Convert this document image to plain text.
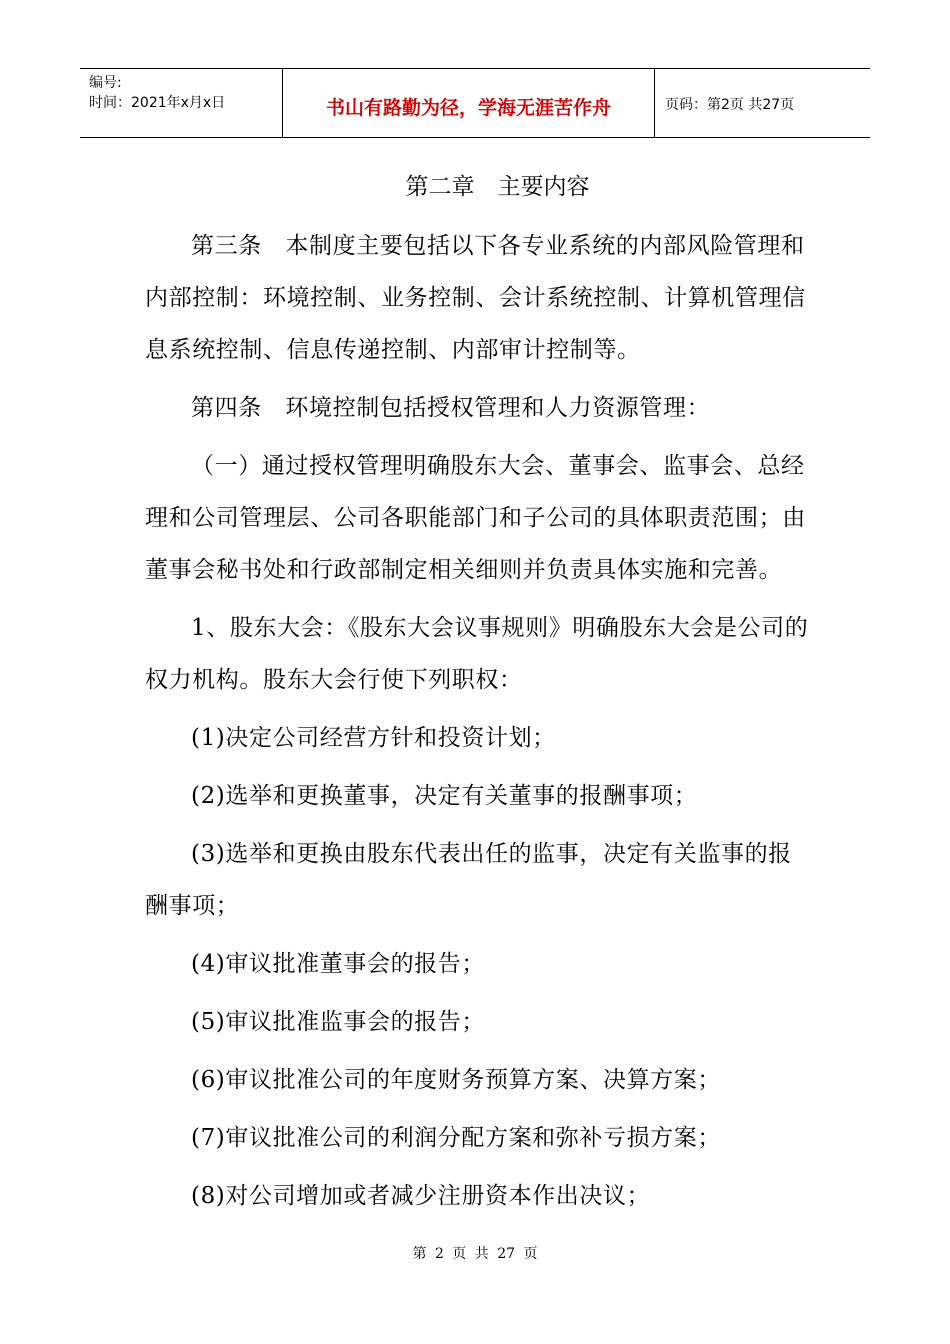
编号:
时间：2021年x月x日	书山有路勤为径，学海无涯苦作舟	页码：第2页 共27页
第二章　主要内容

第三条　本制度主要包括以下各专业系统的内部风险管理和内部控制：环境控制、业务控制、会计系统控制、计算机管理信息系统控制、信息传递控制、内部审计控制等。

第四条　环境控制包括授权管理和人力资源管理：

（一）通过授权管理明确股东大会、董事会、监事会、总经理和公司管理层、公司各职能部门和子公司的具体职责范围；由董事会秘书处和行政部制定相关细则并负责具体实施和完善。

1、股东大会：《股东大会议事规则》明确股东大会是公司的权力机构。股东大会行使下列职权：

(1)决定公司经营方针和投资计划；

(2)选举和更换董事，决定有关董事的报酬事项；

(3)选举和更换由股东代表出任的监事，决定有关监事的报酬事项；

(4)审议批准董事会的报告；

(5)审议批准监事会的报告；

(6)审议批准公司的年度财务预算方案、决算方案；

(7)审议批准公司的利润分配方案和弥补亏损方案；

(8)对公司增加或者减少注册资本作出决议；

第 2 页 共 27 页
